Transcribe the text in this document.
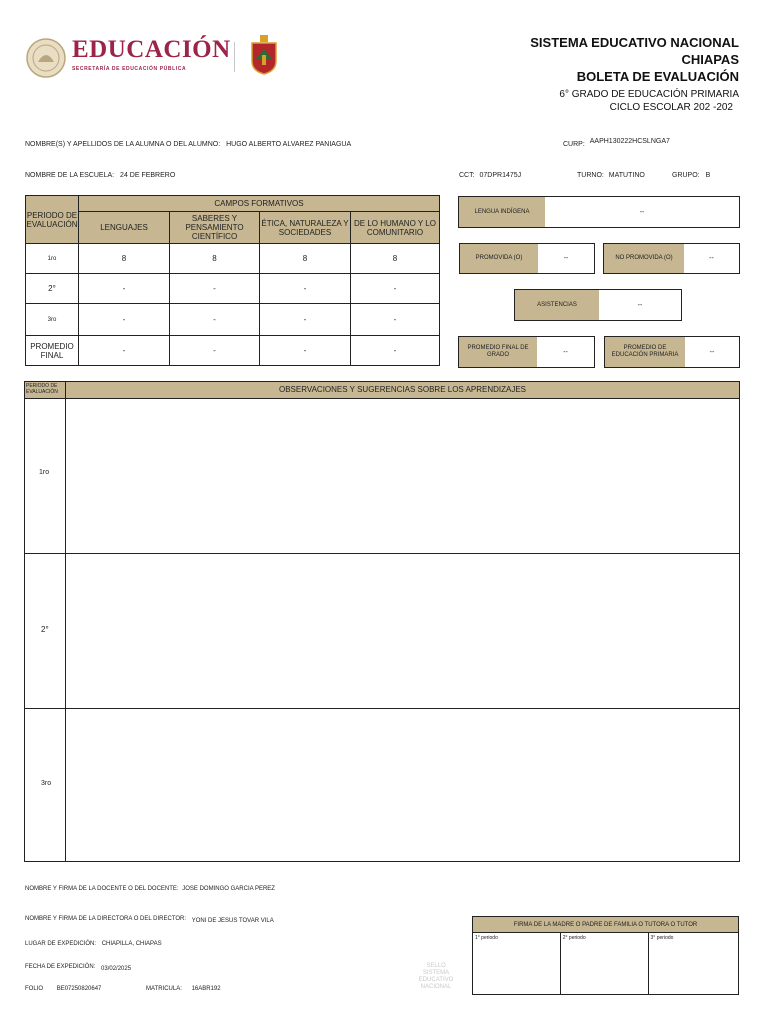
EDUCACIÓN
SECRETARÍA DE EDUCACIÓN PÚBLICA
SISTEMA EDUCATIVO NACIONAL
CHIAPAS
BOLETA DE EVALUACIÓN
6° GRADO DE EDUCACIÓN PRIMARIA
CICLO ESCOLAR 202 -202
NOMBRE(S) Y APELLIDOS DE LA ALUMNA O DEL ALUMNO: HUGO ALBERTO ALVAREZ PANIAGUA	CURP: AAPH130222HCSLNGA7
NOMBRE DE LA ESCUELA: 24 DE FEBRERO	CCT: 07DPR1475J	TURNO: MATUTINO	GRUPO: B
PERIODO DE EVALUACIÓN	CAMPOS FORMATIVOS			
	LENGUAJES	SABERES Y PENSAMIENTO CIENTÍFICO	ÉTICA, NATURALEZA Y SOCIEDADES	DE LO HUMANO Y LO COMUNITARIO
1ro	8	8	8	8
2°	-	-	-	-
3ro	-	-	-	-
PROMEDIO FINAL	-	-	-	-
LENGUA INDÍGENA	--
PROMOVIDA (O)	--	NO PROMOVIDA (O)	--
ASISTENCIAS	--
PROMEDIO FINAL DE GRADO	--
PROMEDIO DE EDUCACIÓN PRIMARIA	--
PERIODO DE EVALUACIÓN	OBSERVACIONES Y SUGERENCIAS SOBRE LOS APRENDIZAJES
1ro
2°
3ro
NOMBRE Y FIRMA DE LA DOCENTE O DEL DOCENTE: JOSE DOMINGO GARCIA PEREZ
NOMBRE Y FIRMA DE LA DIRECTORA O DEL DIRECTOR: YONI DE JESUS TOVAR VILA
LUGAR DE EXPEDICIÓN: CHIAPILLA, CHIAPAS
FECHA DE EXPEDICIÓN: 03/02/2025
FOLIO BE07250820647	MATRICULA: 16ABR192
SELLO SISTEMA EDUCATIVO NACIONAL
FIRMA DE LA MADRE O PADRE DE FAMILIA O TUTORA O TUTOR
1° periodo	2° periodo	3° periodo
